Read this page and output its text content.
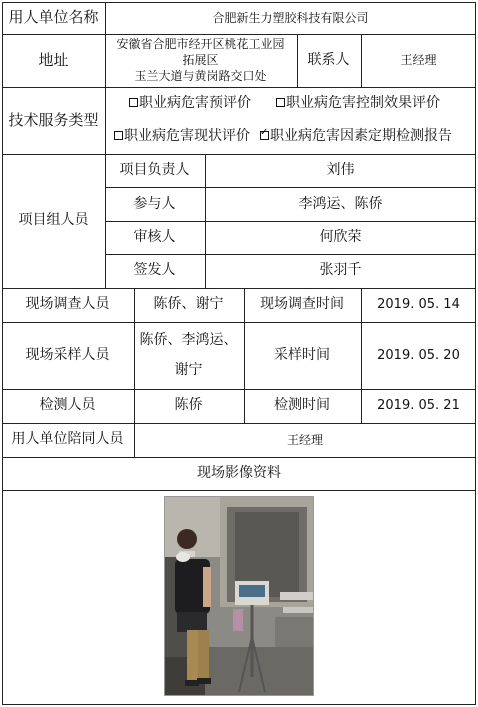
用人单位名称	合肥新生力塑胶科技有限公司
地址
安徽省合肥市经开区桃花工业园
拓展区
玉兰大道与黄岗路交口处
联系人	王经理
技术服务类型
职业病危害预评价	职业病危害控制效果评价
职业病危害现状评价
✓ 职业病危害因素定期检测报告
项目组人员
项目负责人	刘伟
参与人	李鸿运、陈侨
审核人	何欣荣
签发人	张羽千
现场调查人员	陈侨、谢宁	现场调查时间	2019. 05. 14
现场采样人员
陈侨、李鸿运、
谢宁
采样时间	2019. 05. 20
检测人员	陈侨	检测时间	2019. 05. 21
用人单位陪同人员	王经理
现场影像资料
